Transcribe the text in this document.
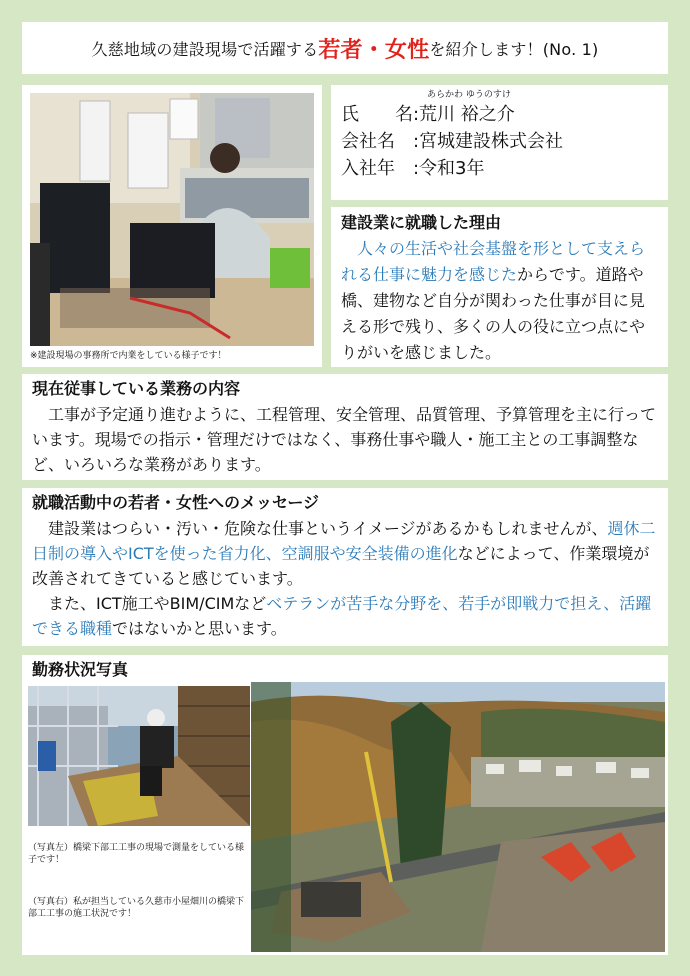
久慈地域の建設現場で活躍する 若者・女性 を紹介します！(No. 1)
※建設現場の事務所で内業をしている様子です！
あらかわ ゆうのすけ
氏 名 : 荒川 裕之介
会社名	: 宮城建設株式会社
入社年	: 令和3年
建設業に就職した理由
　人々の生活や社会基盤を形として支えられる仕事に魅力を感じたからです。道路や橋、建物など自分が関わった仕事が目に見える形で残り、多くの人の役に立つ点にやりがいを感じました。
現在従事している業務の内容
　工事が予定通り進むように、工程管理、安全管理、品質管理、予算管理を主に行っています。現場での指示・管理だけではなく、事務仕事や職人・施工主との工事調整など、いろいろな業務があります。
就職活動中の若者・女性へのメッセージ
　建設業はつらい・汚い・危険な仕事というイメージがあるかもしれませんが、週休二日制の導入やICTを使った省力化、空調服や安全装備の進化などによって、作業環境が改善されてきていると感じています。
　また、ICT施工やBIM/CIMなどベテランが苦手な分野を、若手が即戦力で担え、活躍できる職種ではないかと思います。
勤務状況写真
（写真左）橋梁下部工工事の現場で測量をしている様子です！
（写真右）私が担当している久慈市小屋畑川の橋梁下部工工事の施工状況です！
